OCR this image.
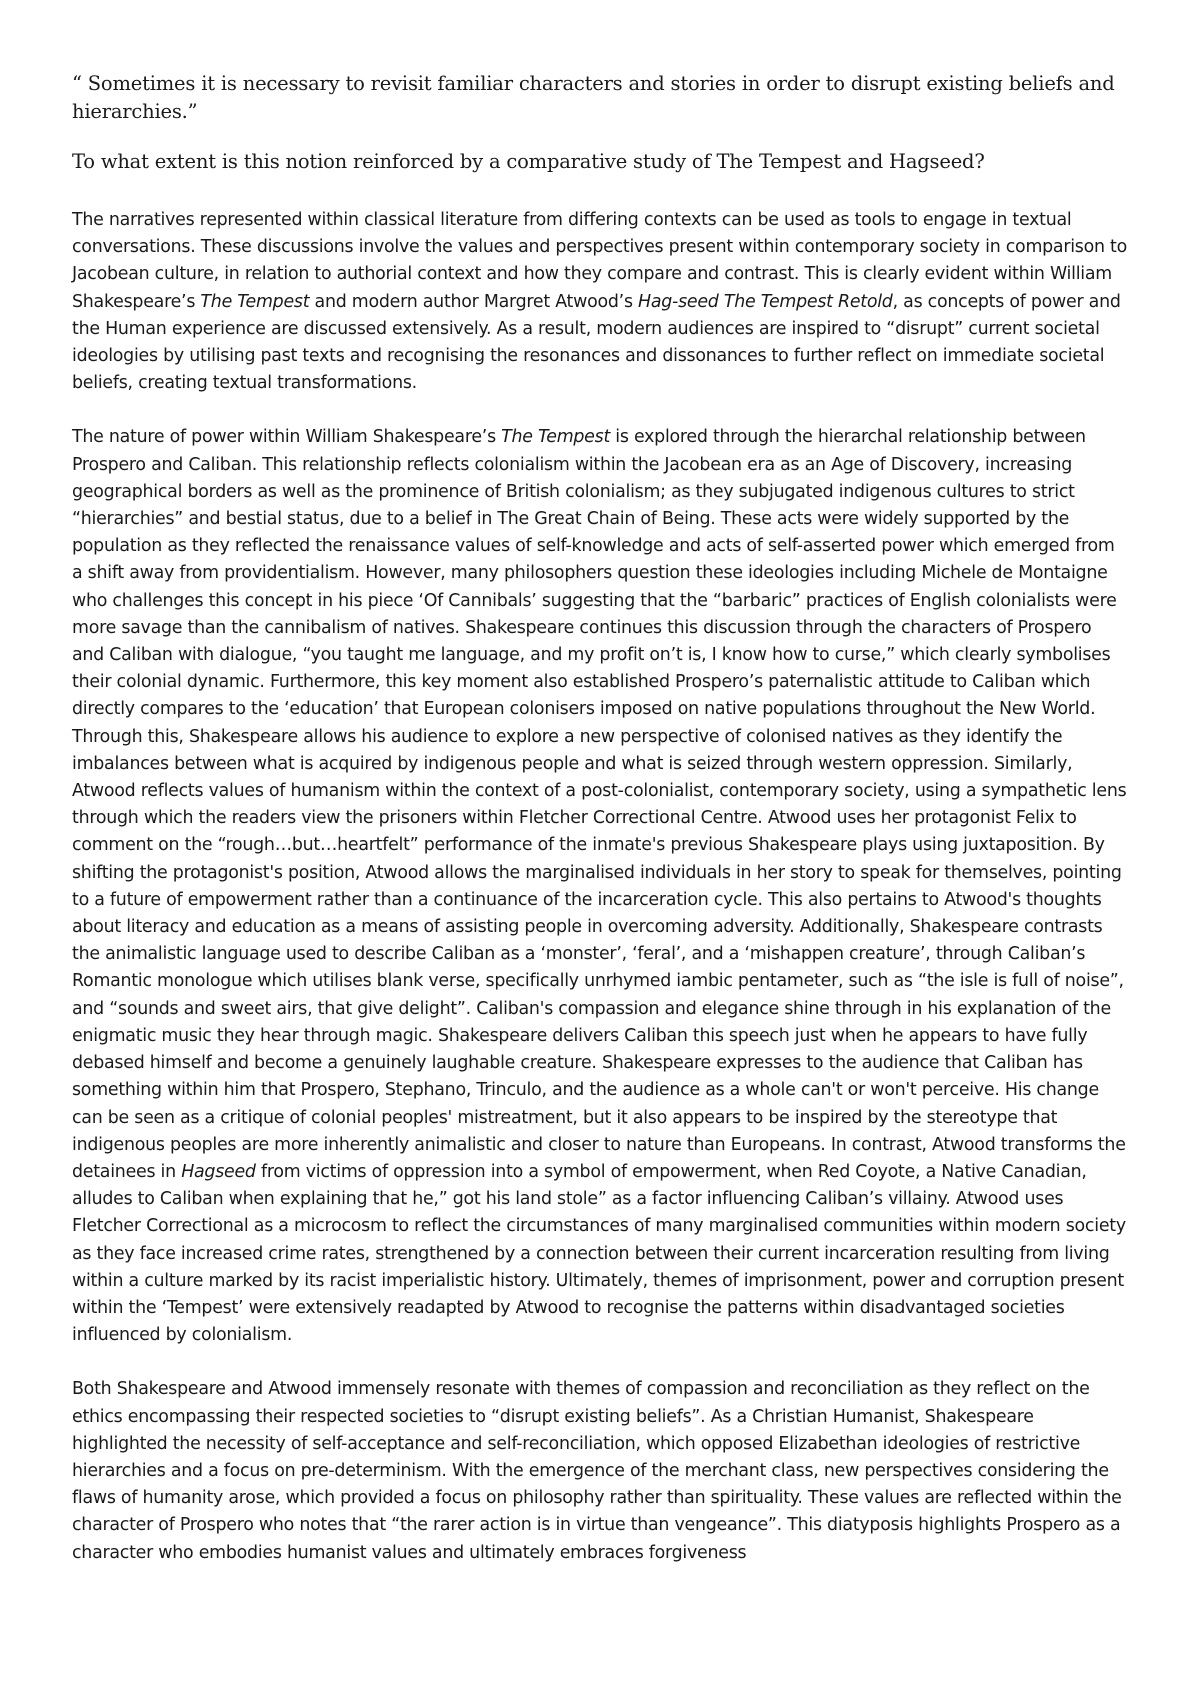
“ Sometimes it is necessary to revisit familiar characters and stories in order to disrupt existing beliefs and hierarchies.”

To what extent is this notion reinforced by a comparative study of The Tempest and Hagseed?

The narratives represented within classical literature from differing contexts can be used as tools to engage in textual conversations. These discussions involve the values and perspectives present within contemporary society in comparison to Jacobean culture, in relation to authorial context and how they compare and contrast. This is clearly evident within William Shakespeare’s The Tempest and modern author Margret Atwood’s Hag-seed The Tempest Retold, as concepts of power and the Human experience are discussed extensively. As a result, modern audiences are inspired to “disrupt” current societal ideologies by utilising past texts and recognising the resonances and dissonances to further reflect on immediate societal beliefs, creating textual transformations.

The nature of power within William Shakespeare’s The Tempest is explored through the hierarchal relationship between Prospero and Caliban. This relationship reflects colonialism within the Jacobean era as an Age of Discovery, increasing geographical borders as well as the prominence of British colonialism; as they subjugated indigenous cultures to strict “hierarchies” and bestial status, due to a belief in The Great Chain of Being. These acts were widely supported by the population as they reflected the renaissance values of self-knowledge and acts of self-asserted power which emerged from a shift away from providentialism. However, many philosophers question these ideologies including Michele de Montaigne who challenges this concept in his piece ‘Of Cannibals’ suggesting that the “barbaric” practices of English colonialists were more savage than the cannibalism of natives. Shakespeare continues this discussion through the characters of Prospero and Caliban with dialogue, “you taught me language, and my profit on’t is, I know how to curse,” which clearly symbolises their colonial dynamic. Furthermore, this key moment also established Prospero’s paternalistic attitude to Caliban which directly compares to the ‘education’ that European colonisers imposed on native populations throughout the New World. Through this, Shakespeare allows his audience to explore a new perspective of colonised natives as they identify the imbalances between what is acquired by indigenous people and what is seized through western oppression. Similarly, Atwood reflects values of humanism within the context of a post-colonialist, contemporary society, using a sympathetic lens through which the readers view the prisoners within Fletcher Correctional Centre. Atwood uses her protagonist Felix to comment on the “rough…but…heartfelt” performance of the inmate's previous Shakespeare plays using juxtaposition. By shifting the protagonist's position, Atwood allows the marginalised individuals in her story to speak for themselves, pointing to a future of empowerment rather than a continuance of the incarceration cycle. This also pertains to Atwood's thoughts about literacy and education as a means of assisting people in overcoming adversity. Additionally, Shakespeare contrasts the animalistic language used to describe Caliban as a ‘monster’, ‘feral’, and a ‘mishappen creature’, through Caliban’s Romantic monologue which utilises blank verse, specifically unrhymed iambic pentameter, such as “the isle is full of noise”, and “sounds and sweet airs, that give delight”. Caliban's compassion and elegance shine through in his explanation of the enigmatic music they hear through magic. Shakespeare delivers Caliban this speech just when he appears to have fully debased himself and become a genuinely laughable creature. Shakespeare expresses to the audience that Caliban has something within him that Prospero, Stephano, Trinculo, and the audience as a whole can't or won't perceive. His change can be seen as a critique of colonial peoples' mistreatment, but it also appears to be inspired by the stereotype that indigenous peoples are more inherently animalistic and closer to nature than Europeans. In contrast, Atwood transforms the detainees in Hagseed from victims of oppression into a symbol of empowerment, when Red Coyote, a Native Canadian, alludes to Caliban when explaining that he,” got his land stole” as a factor influencing Caliban’s villainy. Atwood uses Fletcher Correctional as a microcosm to reflect the circumstances of many marginalised communities within modern society as they face increased crime rates, strengthened by a connection between their current incarceration resulting from living within a culture marked by its racist imperialistic history. Ultimately, themes of imprisonment, power and corruption present within the ‘Tempest’ were extensively readapted by Atwood to recognise the patterns within disadvantaged societies influenced by colonialism.

Both Shakespeare and Atwood immensely resonate with themes of compassion and reconciliation as they reflect on the ethics encompassing their respected societies to “disrupt existing beliefs”. As a Christian Humanist, Shakespeare highlighted the necessity of self-acceptance and self-reconciliation, which opposed Elizabethan ideologies of restrictive hierarchies and a focus on pre-determinism. With the emergence of the merchant class, new perspectives considering the flaws of humanity arose, which provided a focus on philosophy rather than spirituality. These values are reflected within the character of Prospero who notes that “the rarer action is in virtue than vengeance”. This diatyposis highlights Prospero as a character who embodies humanist values and ultimately embraces forgiveness
